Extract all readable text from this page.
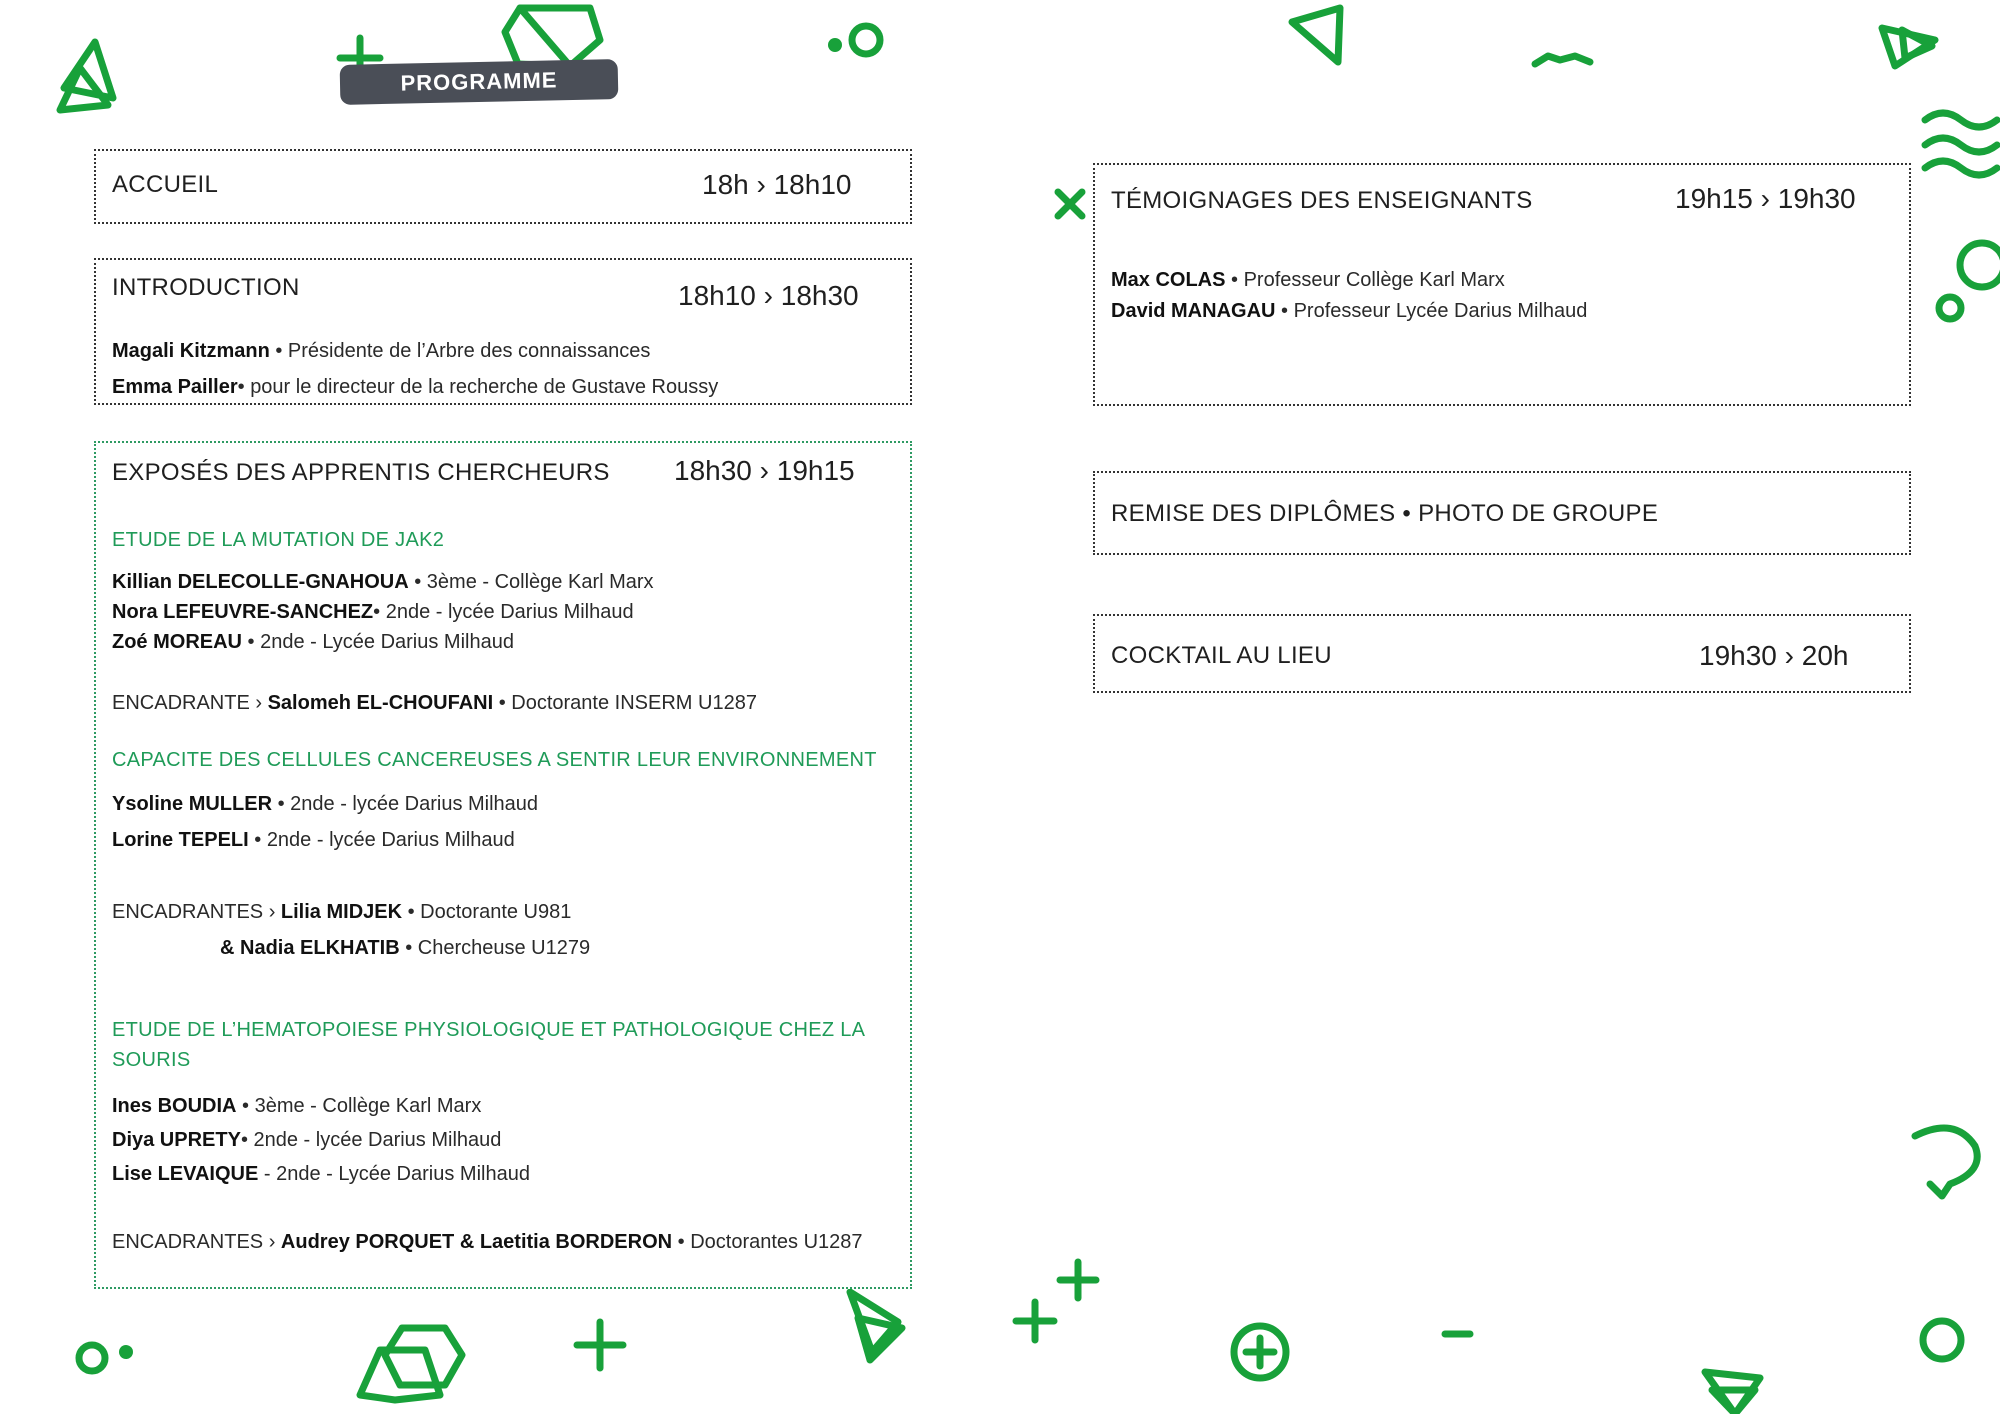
PROGRAMME
ACCUEIL	18h › 18h10
INTRODUCTION	18h10 › 18h30
Magali Kitzmann • Présidente de l’Arbre des connaissances
Emma Pailler• pour le directeur de la recherche de Gustave Roussy
EXPOSÉS DES APPRENTIS CHERCHEURS 18h30 › 19h15
ETUDE DE LA MUTATION DE JAK2
Killian DELECOLLE-GNAHOUA • 3ème - Collège Karl Marx
Nora LEFEUVRE-SANCHEZ• 2nde - lycée Darius Milhaud
Zoé MOREAU • 2nde - Lycée Darius Milhaud
ENCADRANTE › Salomeh EL-CHOUFANI • Doctorante INSERM U1287
CAPACITE DES CELLULES CANCEREUSES A SENTIR LEUR ENVIRONNEMENT
Ysoline MULLER • 2nde - lycée Darius Milhaud
Lorine TEPELI • 2nde - lycée Darius Milhaud
ENCADRANTES › Lilia MIDJEK • Doctorante U981
& Nadia ELKHATIB • Chercheuse U1279
ETUDE DE L’HEMATOPOIESE PHYSIOLOGIQUE ET PATHOLOGIQUE CHEZ LA SOURIS
Ines BOUDIA • 3ème - Collège Karl Marx
Diya UPRETY• 2nde - lycée Darius Milhaud
Lise LEVAIQUE - 2nde - Lycée Darius Milhaud
ENCADRANTES › Audrey PORQUET & Laetitia BORDERON • Doctorantes U1287
TÉMOIGNAGES DES ENSEIGNANTS	19h15 › 19h30
Max COLAS • Professeur Collège Karl Marx
David MANAGAU • Professeur Lycée Darius Milhaud
REMISE DES DIPLÔMES • PHOTO DE GROUPE
COCKTAIL AU LIEU	19h30 › 20h
